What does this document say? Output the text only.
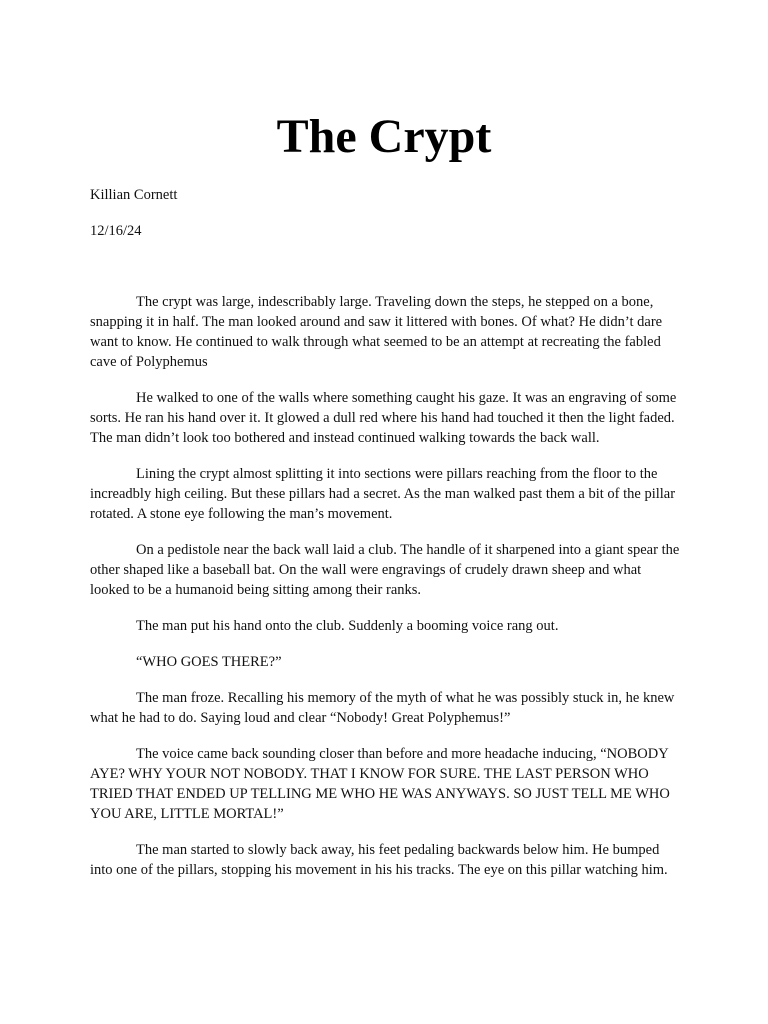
The Crypt

Killian Cornett

12/16/24

The crypt was large, indescribably large. Traveling down the steps, he stepped on a bone, snapping it in half. The man looked around and saw it littered with bones. Of what? He didn’t dare want to know. He continued to walk through what seemed to be an attempt at recreating the fabled cave of Polyphemus

He walked to one of the walls where something caught his gaze. It was an engraving of some sorts. He ran his hand over it. It glowed a dull red where his hand had touched it then the light faded. The man didn’t look too bothered and instead continued walking towards the back wall.

Lining the crypt almost splitting it into sections were pillars reaching from the floor to the increadbly high ceiling. But these pillars had a secret. As the man walked past them a bit of the pillar rotated. A stone eye following the man’s movement.

On a pedistole near the back wall laid a club. The handle of it sharpened into a giant spear the other shaped like a baseball bat. On the wall were engravings of crudely drawn sheep and what looked to be a humanoid being sitting among their ranks.

The man put his hand onto the club. Suddenly a booming voice rang out.

“WHO GOES THERE?”

The man froze. Recalling his memory of the myth of what he was possibly stuck in, he knew what he had to do. Saying loud and clear “Nobody! Great Polyphemus!”

The voice came back sounding closer than before and more headache inducing, “NOBODY AYE? WHY YOUR NOT NOBODY. THAT I KNOW FOR SURE. THE LAST PERSON WHO TRIED THAT ENDED UP TELLING ME WHO HE WAS ANYWAYS. SO JUST TELL ME WHO YOU ARE, LITTLE MORTAL!”

The man started to slowly back away, his feet pedaling backwards below him. He bumped into one of the pillars, stopping his movement in his his tracks. The eye on this pillar watching him.
